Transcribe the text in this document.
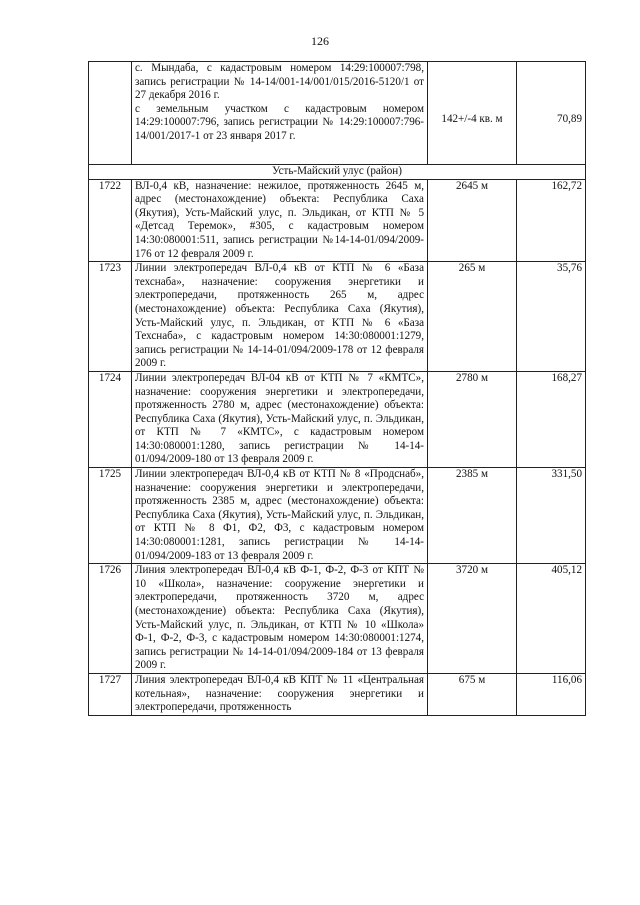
126

	с. Мындаба, с кадастровым номером 14:29:100007:798, запись регистрации № 14-14/001-14/001/015/2016-5120/1 от 27 декабря 2016 г.
с земельным участком с кадастровым номером 14:29:100007:796, запись регистрации № 14:29:100007:796-14/001/2017-1 от 23 января 2017 г.	142+/-4 кв. м	70,89
Усть-Майский улус (район)			
1722	ВЛ-0,4 кВ, назначение: нежилое, протяженность 2645 м, адрес (местонахождение) объекта: Республика Саха (Якутия), Усть-Майский улус, п. Эльдикан, от КТП № 5 «Детсад Теремок», #305, с кадастровым номером 14:30:080001:511, запись регистрации №14-14-01/094/2009-176 от 12 февраля 2009 г.	2645 м	162,72
1723	Линии электропередач ВЛ-0,4 кВ от КТП № 6 «База техснаба», назначение: сооружения энергетики и электропередачи, протяженность 265 м, адрес (местонахождение) объекта: Республика Саха (Якутия), Усть-Майский улус, п. Эльдикан, от КТП № 6 «База Техснаба», с кадастровым номером 14:30:080001:1279, запись регистрации № 14-14-01/094/2009-178 от 12 февраля 2009 г.	265 м	35,76
1724	Линии электропередач ВЛ-04 кВ от КТП № 7 «КМТС», назначение: сооружения энергетики и электропередачи, протяженность 2780 м, адрес (местонахождение) объекта: Республика Саха (Якутия), Усть-Майский улус, п. Эльдикан, от КТП № 7 «КМТС», с кадастровым номером 14:30:080001:1280, запись регистрации № 14-14-01/094/2009-180 от 13 февраля 2009 г.	2780 м	168,27
1725	Линии электропередач ВЛ-0,4 кВ от КТП № 8 «Продснаб», назначение: сооружения энергетики и электропередачи, протяженность 2385 м, адрес (местонахождение) объекта: Республика Саха (Якутия), Усть-Майский улус, п. Эльдикан, от КТП № 8 Ф1, Ф2, Ф3, с кадастровым номером 14:30:080001:1281, запись регистрации № 14-14-01/094/2009-183 от 13 февраля 2009 г.	2385 м	331,50
1726	Линия электропередач ВЛ-0,4 кВ Ф-1, Ф-2, Ф-3 от КПТ № 10 «Школа», назначение: сооружение энергетики и электропередачи, протяженность 3720 м, адрес (местонахождение) объекта: Республика Саха (Якутия), Усть-Майский улус, п. Эльдикан, от КТП № 10 «Школа» Ф-1, Ф-2, Ф-3, с кадастровым номером 14:30:080001:1274, запись регистрации № 14-14-01/094/2009-184 от 13 февраля 2009 г.	3720 м	405,12
1727	Линия электропередач ВЛ-0,4 кВ КПТ № 11 «Центральная котельная», назначение: сооружения энергетики и электропередачи, протяженность	675 м	116,06
